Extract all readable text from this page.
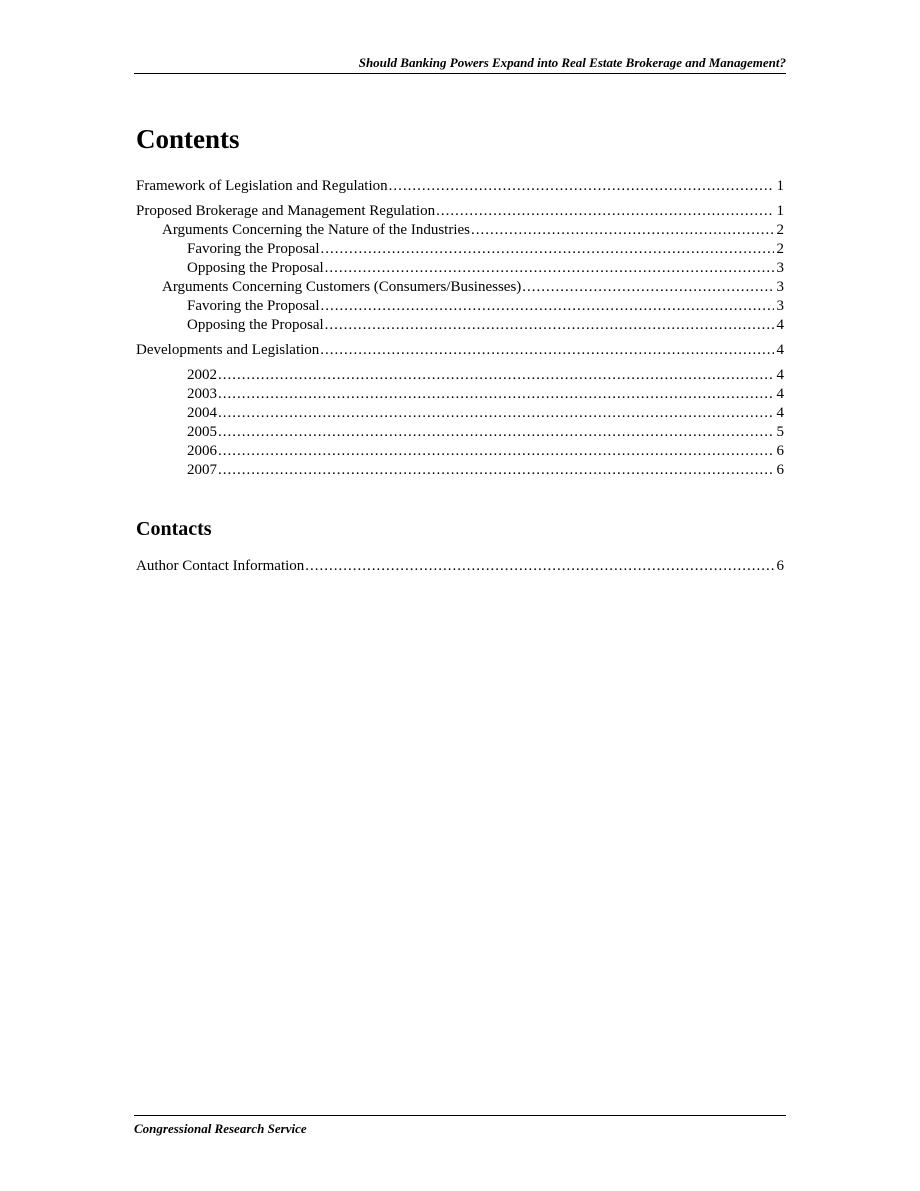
Should Banking Powers Expand into Real Estate Brokerage and Management?
Contents
Framework of Legislation and Regulation .....	1
Proposed Brokerage and Management Regulation .....	1
Arguments Concerning the Nature of the Industries .....	2
Favoring the Proposal .....	2
Opposing the Proposal .....	3
Arguments Concerning Customers (Consumers/Businesses) .....	3
Favoring the Proposal .....	3
Opposing the Proposal .....	4
Developments and Legislation .....	4
2002 .....	4
2003 .....	4
2004 .....	4
2005 .....	5
2006 .....	6
2007 .....	6
Contacts
Author Contact Information .....	6
Congressional Research Service
